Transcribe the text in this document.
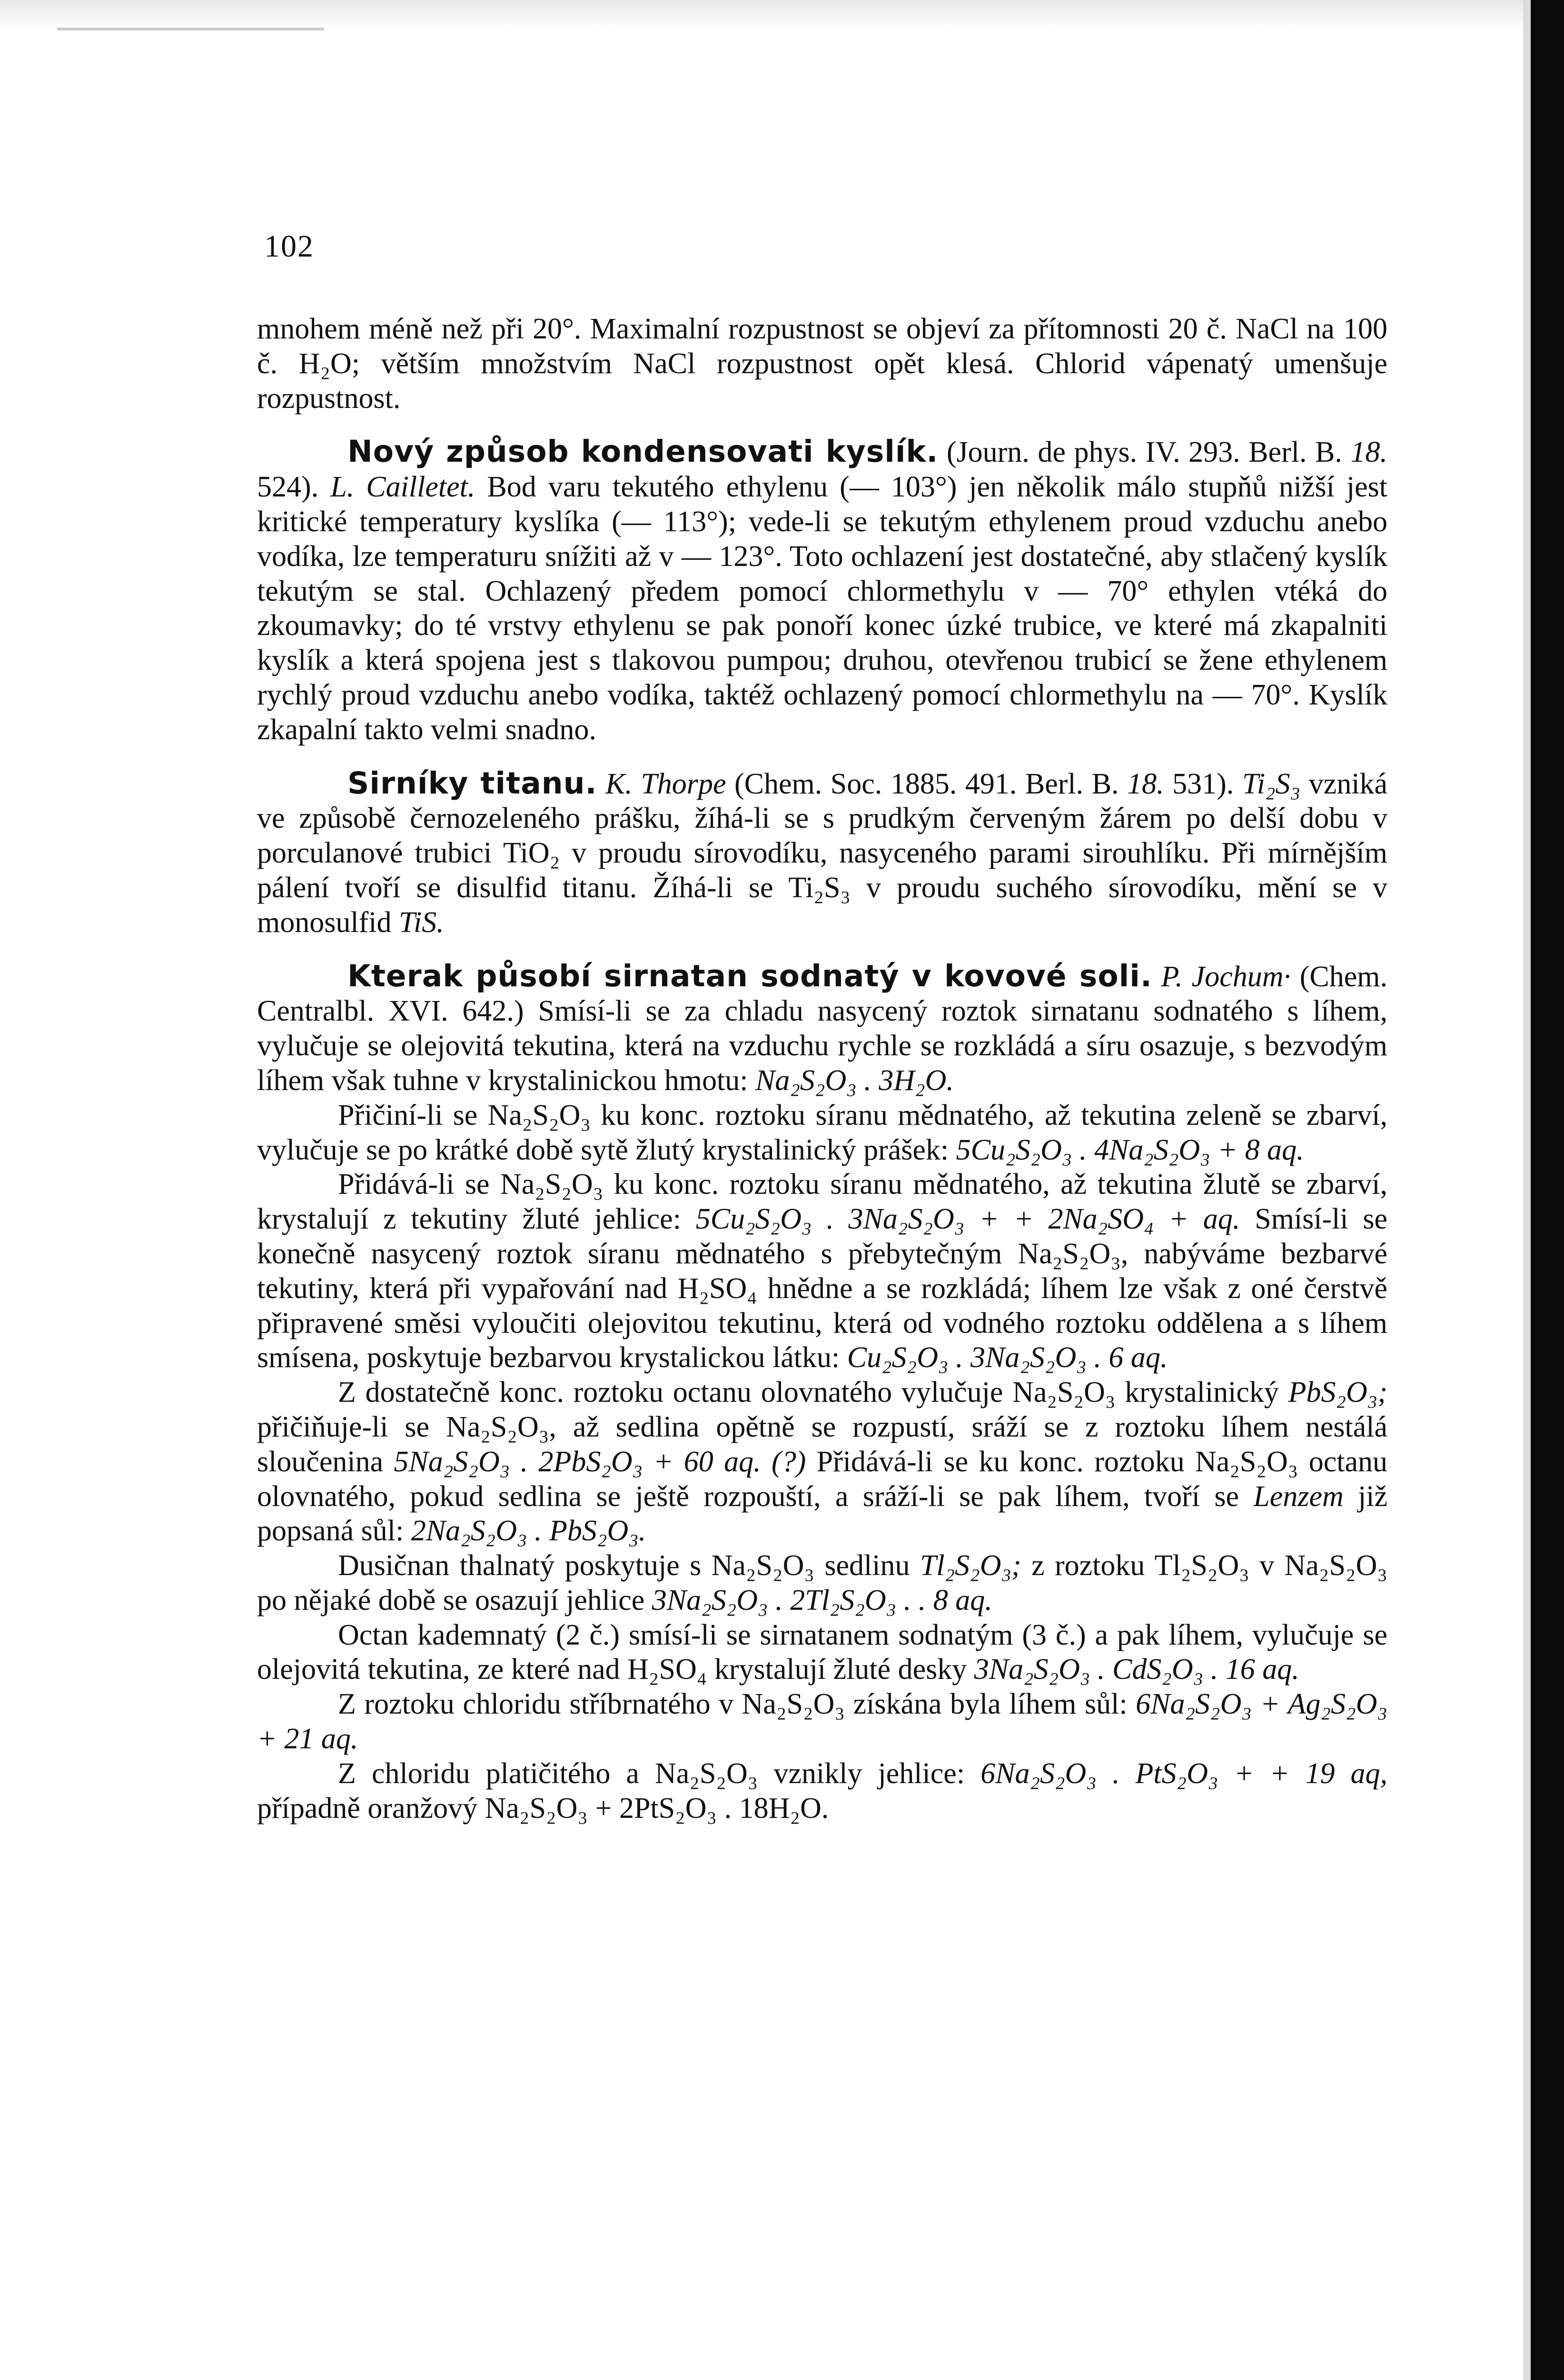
102

mnohem méně než při 20°. Maximalní rozpustnost se objeví za přítomnosti 20 č. NaCl na 100 č. H₂O; větším množstvím NaCl rozpustnost opět klesá. Chlorid vápenatý umenšuje rozpustnost.

Nový způsob kondensovati kyslík. (Journ. de phys. IV. 293. Berl. B. 18. 524). L. Cailletet. Bod varu tekutého ethylenu (— 103°) jen několik málo stupňů nižší jest kritické temperatury kyslíka (— 113°); vede-li se tekutým ethylenem proud vzduchu anebo vodíka, lze temperaturu snížiti až v — 123°. Toto ochlazení jest dostatečné, aby stlačený kyslík tekutým se stal. Ochlazený předem pomocí chlormethylu v — 70° ethylen vtéká do zkoumavky; do té vrstvy ethylenu se pak ponoří konec úzké trubice, ve které má zkapalniti kyslík a která spojena jest s tlakovou pumpou; druhou, otevřenou trubicí se žene ethylenem rychlý proud vzduchu anebo vodíka, taktéž ochlazený pomocí chlormethylu na — 70°. Kyslík zkapalní takto velmi snadno.

Sirníky titanu. K. Thorpe (Chem. Soc. 1885. 491. Berl. B. 18. 531). Ti₂S₃ vzniká ve způsobě černozeleného prášku, žíhá-li se s prudkým červeným žárem po delší dobu v porculanové trubici TiO₂ v proudu sírovodíku, nasyceného parami sirouhlíku. Při mírnějším pálení tvoří se disulfid titanu. Žíhá-li se Ti₂S₃ v proudu suchého sírovodíku, mění se v monosulfid TiS.

Kterak působí sirnatan sodnatý v kovové soli. P. Jochum· (Chem. Centralbl. XVI. 642.) Smísí-li se za chladu nasycený roztok sirnatanu sodnatého s líhem, vylučuje se olejovitá tekutina, která na vzduchu rychle se rozkládá a síru osazuje, s bezvodým líhem však tuhne v krystalinickou hmotu: Na₂S₂O₃ . 3H₂O.

Přičiní-li se Na₂S₂O₃ ku konc. roztoku síranu mědnatého, až tekutina zeleně se zbarví, vylučuje se po krátké době sytě žlutý krystalinický prášek: 5Cu₂S₂O₃ . 4Na₂S₂O₃ + 8 aq.

Přidává-li se Na₂S₂O₃ ku konc. roztoku síranu mědnatého, až tekutina žlutě se zbarví, krystalují z tekutiny žluté jehlice: 5Cu₂S₂O₃ . 3Na₂S₂O₃ + + 2Na₂SO₄ + aq. Smísí-li se konečně nasycený roztok síranu mědnatého s přebytečným Na₂S₂O₃, nabýváme bezbarvé tekutiny, která při vypařování nad H₂SO₄ hnědne a se rozkládá; líhem lze však z oné čerstvě připravené směsi vyloučiti olejovitou tekutinu, která od vodného roztoku oddělena a s líhem smísena, poskytuje bezbarvou krystalickou látku: Cu₂S₂O₃ . 3Na₂S₂O₃ . 6 aq.

Z dostatečně konc. roztoku octanu olovnatého vylučuje Na₂S₂O₃ krystalinický PbS₂O₃; přičiňuje-li se Na₂S₂O₃, až sedlina opětně se rozpustí, sráží se z roztoku líhem nestálá sloučenina 5Na₂S₂O₃ . 2PbS₂O₃ + 60 aq. (?) Přidává-li se ku konc. roztoku Na₂S₂O₃ octanu olovnatého, pokud sedlina se ještě rozpouští, a sráží-li se pak líhem, tvoří se Lenzem již popsaná sůl: 2Na₂S₂O₃ . PbS₂O₃.

Dusičnan thalnatý poskytuje s Na₂S₂O₃ sedlinu Tl₂S₂O₃; z roztoku Tl₂S₂O₃ v Na₂S₂O₃ po nějaké době se osazují jehlice 3Na₂S₂O₃ . 2Tl₂S₂O₃ . . 8 aq.

Octan kademnatý (2 č.) smísí-li se sirnatanem sodnatým (3 č.) a pak líhem, vylučuje se olejovitá tekutina, ze které nad H₂SO₄ krystalují žluté desky 3Na₂S₂O₃ . CdS₂O₃ . 16 aq.

Z roztoku chloridu stříbrnatého v Na₂S₂O₃ získána byla líhem sůl: 6Na₂S₂O₃ + Ag₂S₂O₃ + 21 aq.

Z chloridu platičitého a Na₂S₂O₃ vznikly jehlice: 6Na₂S₂O₃ . PtS₂O₃ + + 19 aq, případně oranžový Na₂S₂O₃ + 2PtS₂O₃ . 18H₂O.
